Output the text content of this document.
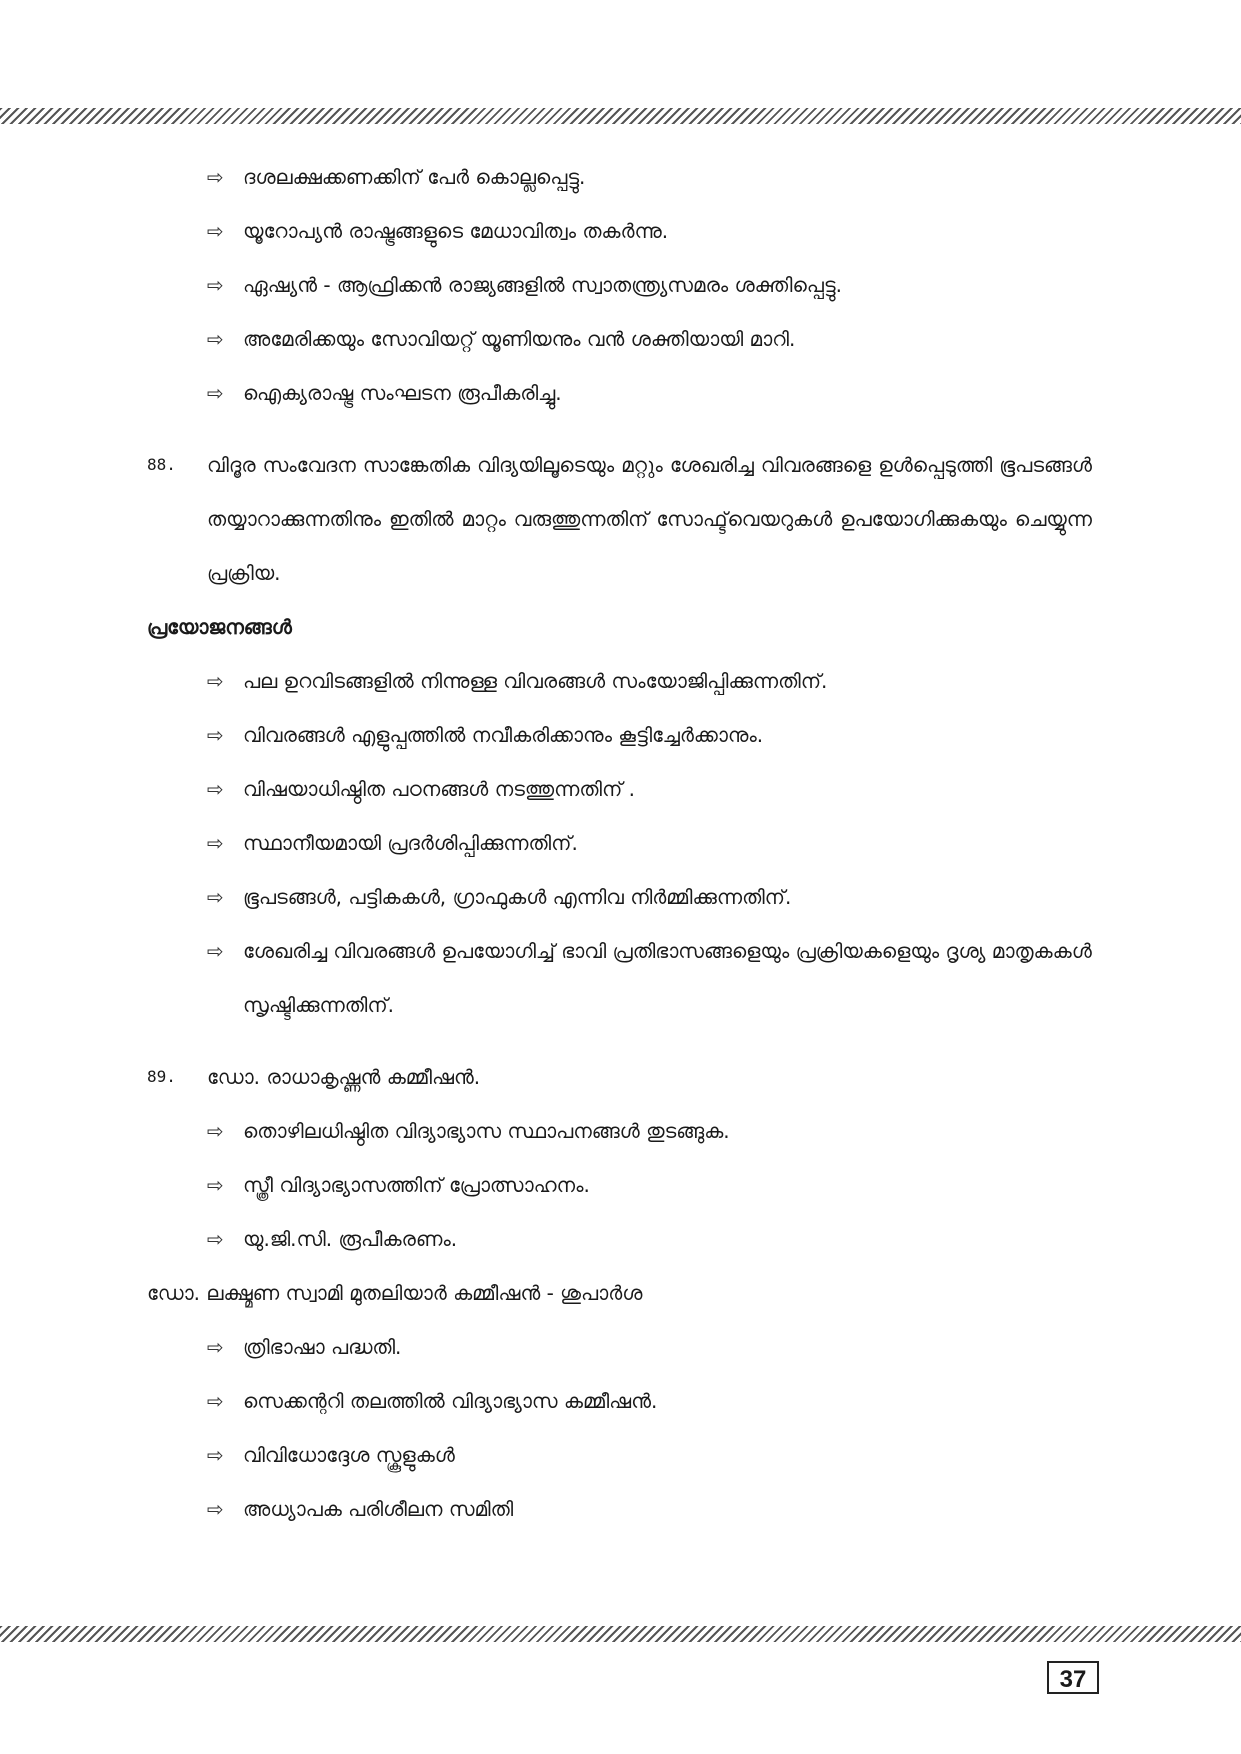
⇨ ദശലക്ഷക്കണക്കിന് പേർ കൊല്ലപ്പെട്ടു.
⇨ യൂറോപ്യൻ രാഷ്ട്രങ്ങളുടെ മേധാവിത്വം തകർന്നു.
⇨ ഏഷ്യൻ - ആഫ്രിക്കൻ രാജ്യങ്ങളിൽ സ്വാതന്ത്ര്യസമരം ശക്തിപ്പെട്ടു.
⇨ അമേരിക്കയും സോവിയറ്റ് യൂണിയനും വൻ ശക്തിയായി മാറി.
⇨ ഐക്യരാഷ്ട്ര സംഘടന രൂപീകരിച്ചു.
88. വിദൂര സംവേദന സാങ്കേതിക വിദ്യയിലൂടെയും മറ്റും ശേഖരിച്ച വിവരങ്ങളെ ഉൾപ്പെടുത്തി ഭൂപടങ്ങൾ തയ്യാറാക്കുന്നതിനും ഇതിൽ മാറ്റം വരുത്തുന്നതിന് സോഫ്ട്‌വെയറുകൾ ഉപയോഗിക്കുകയും ചെയ്യുന്ന പ്രക്രിയ.
പ്രയോജനങ്ങൾ
⇨ പല ഉറവിടങ്ങളിൽ നിന്നുള്ള വിവരങ്ങൾ സംയോജിപ്പിക്കുന്നതിന്.
⇨ വിവരങ്ങൾ എളുപ്പത്തിൽ നവീകരിക്കാനും കൂട്ടിച്ചേർക്കാനും.
⇨ വിഷയാധിഷ്ഠിത പഠനങ്ങൾ നടത്തുന്നതിന് .
⇨ സ്ഥാനീയമായി പ്രദർശിപ്പിക്കുന്നതിന്.
⇨ ഭൂപടങ്ങൾ, പട്ടികകൾ, ഗ്രാഫുകൾ എന്നിവ നിർമ്മിക്കുന്നതിന്.
⇨ ശേഖരിച്ച വിവരങ്ങൾ ഉപയോഗിച്ച് ഭാവി പ്രതിഭാസങ്ങളെയും പ്രക്രിയകളെയും ദൃശ്യ മാതൃകകൾ സൃഷ്ടിക്കുന്നതിന്.
89. ഡോ. രാധാകൃഷ്ണൻ കമ്മീഷൻ.
⇨ തൊഴിലധിഷ്ഠിത വിദ്യാഭ്യാസ സ്ഥാപനങ്ങൾ തുടങ്ങുക.
⇨ സ്ത്രീ വിദ്യാഭ്യാസത്തിന് പ്രോത്സാഹനം.
⇨ യു.ജി.സി. രൂപീകരണം.
ഡോ. ലക്ഷ്മണ സ്വാമി മുതലിയാർ കമ്മീഷൻ - ശുപാർശ
⇨ ത്രിഭാഷാ പദ്ധതി.
⇨ സെക്കന്ററി തലത്തിൽ വിദ്യാഭ്യാസ കമ്മീഷൻ.
⇨ വിവിധോദ്ദേശ സ്കൂളുകൾ
⇨ അധ്യാപക പരിശീലന സമിതി
37
